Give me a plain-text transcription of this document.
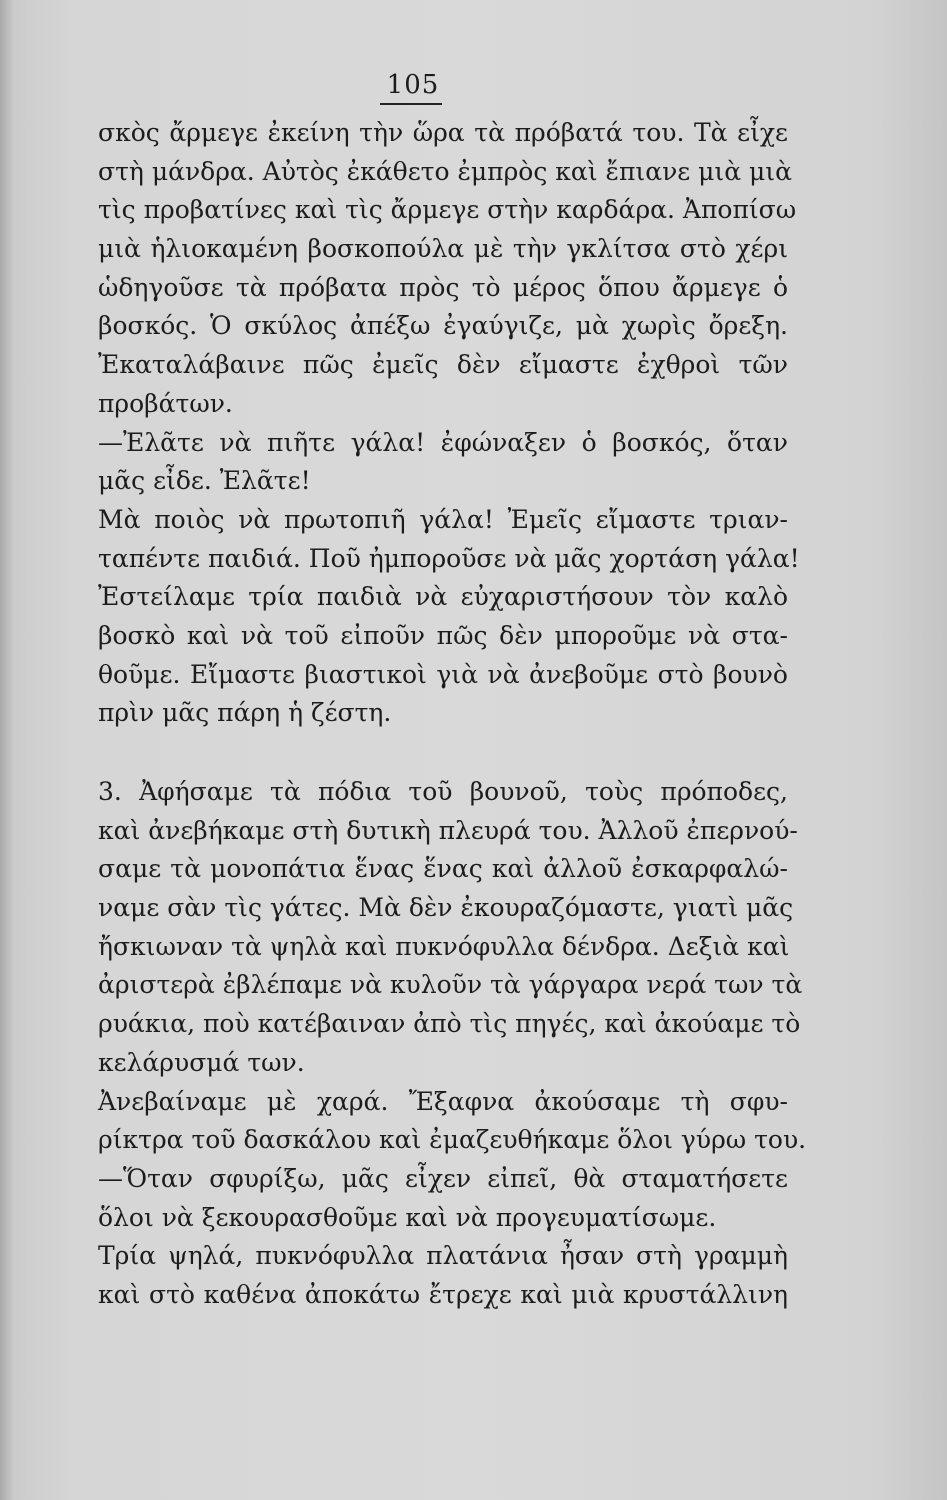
105
σκὸς ἄρμεγε ἐκείνη τὴν ὥρα τὰ πρόβατά του. Τὰ εἶχε
στὴ μάνδρα. Αὐτὸς ἐκάθετο ἐμπρὸς καὶ ἔπιανε μιὰ μιὰ
τὶς προβατίνες καὶ τὶς ἄρμεγε στὴν καρδάρα. Ἀποπίσω
μιὰ ἡλιοκαμένη βοσκοπούλα μὲ τὴν γκλίτσα στὸ χέρι
ὡδηγοῦσε τὰ πρόβατα πρὸς τὸ μέρος ὅπου ἄρμεγε ὁ
βοσκός. Ὁ σκύλος ἀπέξω ἐγαύγιζε, μὰ χωρὶς ὄρεξη.
Ἐκαταλάβαινε πῶς ἐμεῖς δὲν εἴμαστε ἐχθροὶ τῶν
προβάτων.
—Ἐλᾶτε νὰ πιῆτε γάλα! ἐφώναξεν ὁ βοσκός, ὅταν
μᾶς εἶδε. Ἐλᾶτε!
Μὰ ποιὸς νὰ πρωτοπιῆ γάλα! Ἐμεῖς εἴμαστε τριαν-
ταπέντε παιδιά. Ποῦ ἠμποροῦσε νὰ μᾶς χορτάση γάλα!
Ἐστείλαμε τρία παιδιὰ νὰ εὐχαριστήσουν τὸν καλὸ
βοσκὸ καὶ νὰ τοῦ εἰποῦν πῶς δὲν μποροῦμε νὰ στα-
θοῦμε. Εἴμαστε βιαστικοὶ γιὰ νὰ ἀνεβοῦμε στὸ βουνὸ
πρὶν μᾶς πάρη ἡ ζέστη.
3. Ἀφήσαμε τὰ πόδια τοῦ βουνοῦ, τοὺς πρόποδες,
καὶ ἀνεβήκαμε στὴ δυτικὴ πλευρά του. Ἀλλοῦ ἐπερνού-
σαμε τὰ μονοπάτια ἕνας ἕνας καὶ ἀλλοῦ ἐσκαρφαλώ-
ναμε σὰν τὶς γάτες. Μὰ δὲν ἐκουραζόμαστε, γιατὶ μᾶς
ἤσκιωναν τὰ ψηλὰ καὶ πυκνόφυλλα δένδρα. Δεξιὰ καὶ
ἀριστερὰ ἐβλέπαμε νὰ κυλοῦν τὰ γάργαρα νερά των τὰ
ρυάκια, ποὺ κατέβαιναν ἀπὸ τὶς πηγές, καὶ ἀκούαμε τὸ
κελάρυσμά των.
Ἀνεβαίναμε μὲ χαρά. Ἔξαφνα ἀκούσαμε τὴ σφυ-
ρίκτρα τοῦ δασκάλου καὶ ἐμαζευθήκαμε ὅλοι γύρω του.
—Ὅταν σφυρίξω, μᾶς εἶχεν εἰπεῖ, θὰ σταματήσετε
ὅλοι νὰ ξεκουρασθοῦμε καὶ νὰ προγευματίσωμε.
Τρία ψηλά, πυκνόφυλλα πλατάνια ἦσαν στὴ γραμμὴ
καὶ στὸ καθένα ἀποκάτω ἔτρεχε καὶ μιὰ κρυστάλλινη
